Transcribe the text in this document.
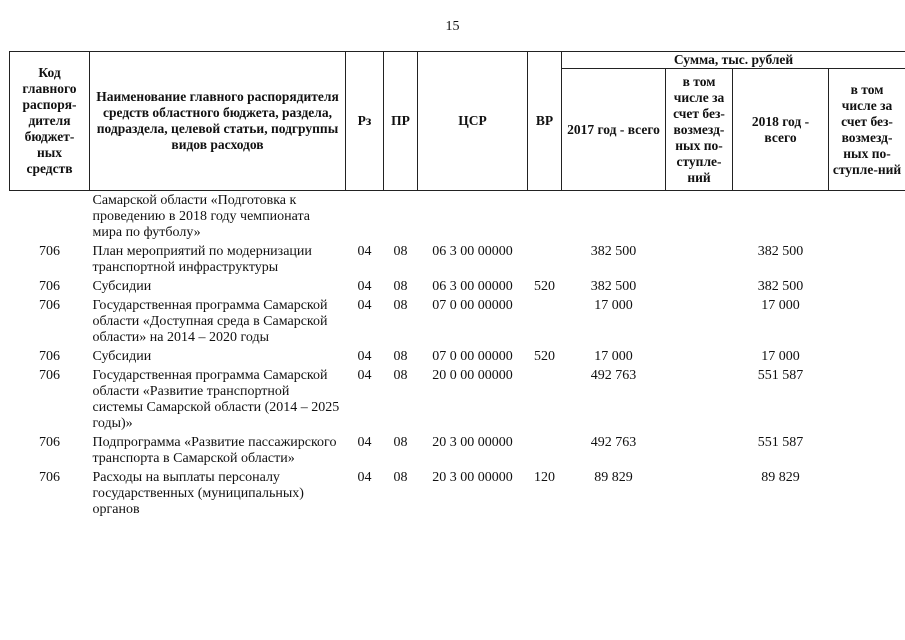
15
Код главного распоря-дителя бюджет-ных средств	Наименование главного распорядителя средств областного бюджета, раздела, подраздела, целевой статьи, подгруппы видов расходов	Рз	ПР	ЦСР	ВР	Сумма, тыс. рублей			
						2017 год - всего	в том числе за счет без-возмезд-ных по-ступле-ний	2018 год - всего	в том числе за счет без-возмезд-ных по-ступле-ний
	Самарской области «Подготовка к проведению в 2018 году чемпионата мира по футболу»								
706	План мероприятий по модернизации транспортной инфраструктуры	04	08	06 3 00 00000		382 500		382 500	
706	Субсидии	04	08	06 3 00 00000	520	382 500		382 500	
706	Государственная программа Самарской области «Доступная среда в Самарской области» на 2014 – 2020 годы	04	08	07 0 00 00000		17 000		17 000	
706	Субсидии	04	08	07 0 00 00000	520	17 000		17 000	
706	Государственная программа Самарской области «Развитие транспортной системы Самарской области (2014 – 2025 годы)»	04	08	20 0 00 00000		492 763		551 587	
706	Подпрограмма «Развитие пассажирского транспорта в Самарской области»	04	08	20 3 00 00000		492 763		551 587	
706	Расходы на выплаты персоналу государственных (муниципальных) органов	04	08	20 3 00 00000	120	89 829		89 829	
